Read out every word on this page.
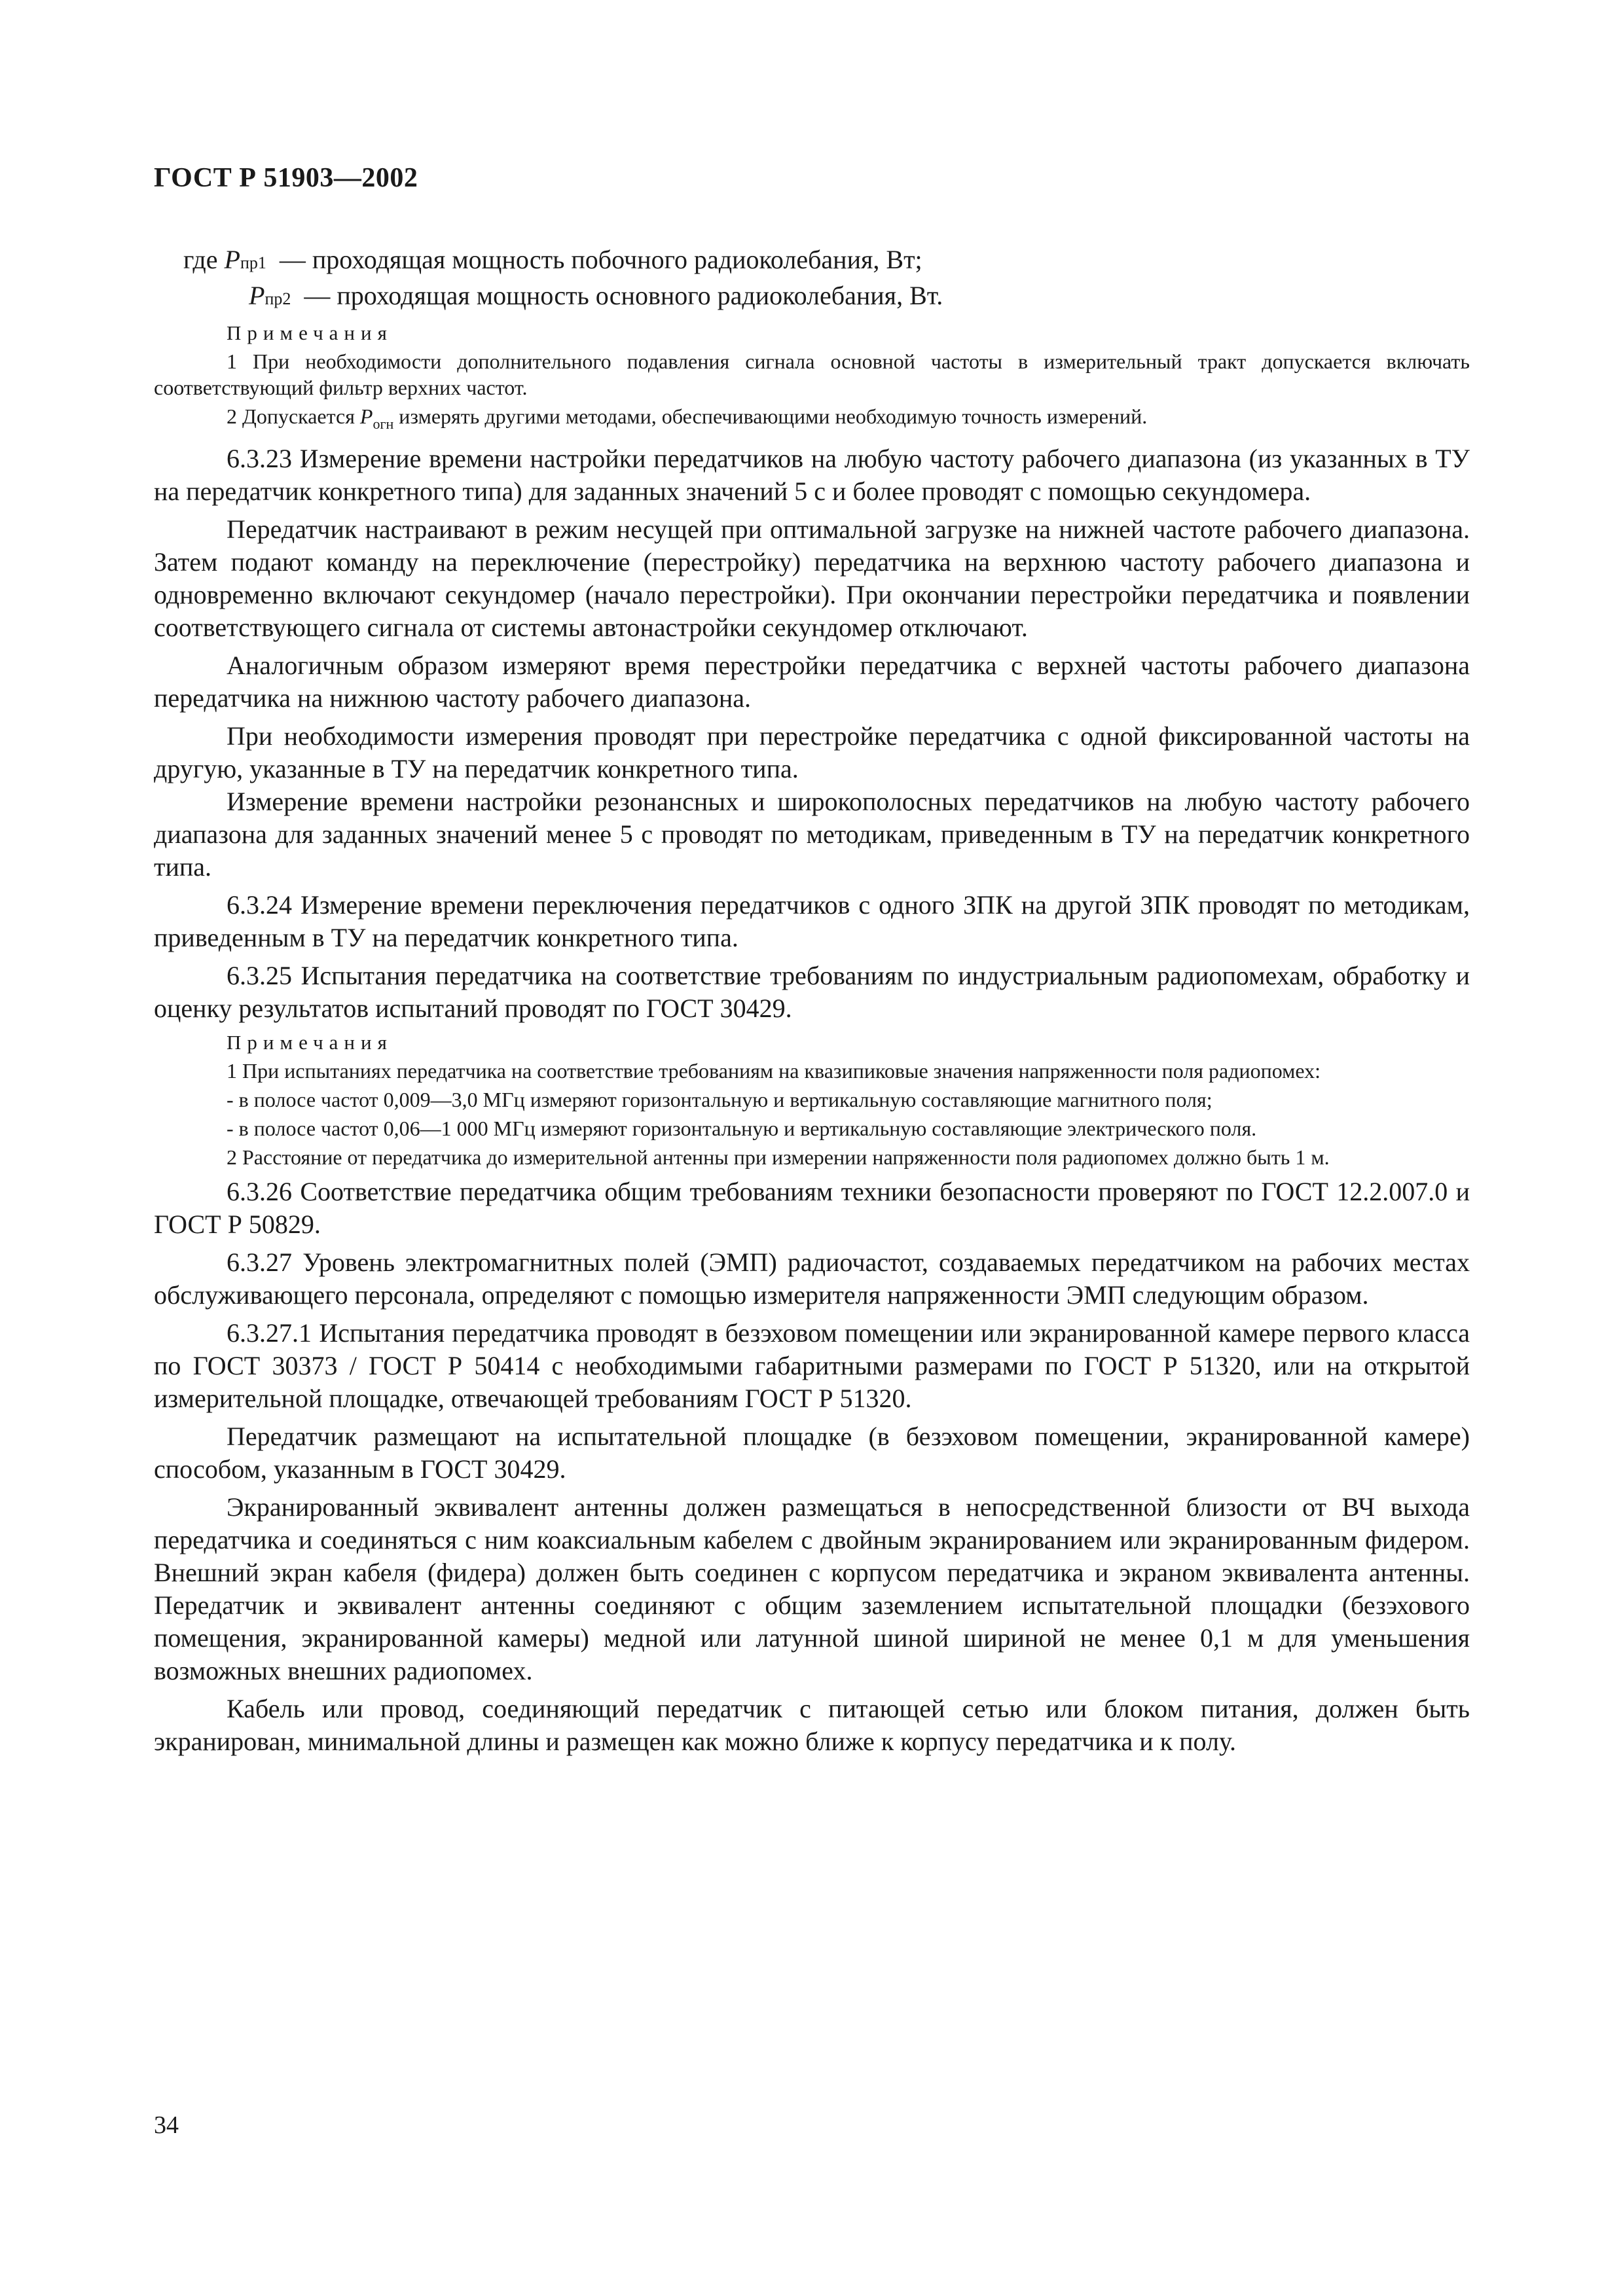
ГОСТ Р 51903—2002

где
P пр1 — проходящая мощность побочного радиоколебания, Вт;

P пр2 — проходящая мощность основного радиоколебания, Вт.

Примечания

1 При необходимости дополнительного подавления сигнала основной частоты в измерительный тракт допускается включать соответствующий фильтр верхних частот.

2 Допускается $P_{огн}$ измерять другими методами, обеспечивающими необходимую точность измерений.

6.3.23 Измерение времени настройки передатчиков на любую частоту рабочего диапазона (из указанных в ТУ на передатчик конкретного типа) для заданных значений 5 с и более проводят с помощью секундомера.

Передатчик настраивают в режим несущей при оптимальной загрузке на нижней частоте рабочего диапазона. Затем подают команду на переключение (перестройку) передатчика на верхнюю частоту рабочего диапазона и одновременно включают секундомер (начало перестройки). При окончании перестройки передатчика и появлении соответствующего сигнала от системы автонастройки секундомер отключают.

Аналогичным образом измеряют время перестройки передатчика с верхней частоты рабочего диапазона передатчика на нижнюю частоту рабочего диапазона.

При необходимости измерения проводят при перестройке передатчика с одной фиксированной частоты на другую, указанные в ТУ на передатчик конкретного типа.

Измерение времени настройки резонансных и широкополосных передатчиков на любую частоту рабочего диапазона для заданных значений менее 5 с проводят по методикам, приведенным в ТУ на передатчик конкретного типа.

6.3.24 Измерение времени переключения передатчиков с одного ЗПК на другой ЗПК проводят по методикам, приведенным в ТУ на передатчик конкретного типа.

6.3.25 Испытания передатчика на соответствие требованиям по индустриальным радиопомехам, обработку и оценку результатов испытаний проводят по ГОСТ 30429.

Примечания

1 При испытаниях передатчика на соответствие требованиям на квазипиковые значения напряженности поля радиопомех:

- в полосе частот 0,009—3,0 МГц измеряют горизонтальную и вертикальную составляющие магнитного поля;

- в полосе частот 0,06—1 000 МГц измеряют горизонтальную и вертикальную составляющие электрического поля.

2 Расстояние от передатчика до измерительной антенны при измерении напряженности поля радиопомех должно быть 1 м.

6.3.26 Соответствие передатчика общим требованиям техники безопасности проверяют по ГОСТ 12.2.007.0 и ГОСТ Р 50829.

6.3.27 Уровень электромагнитных полей (ЭМП) радиочастот, создаваемых передатчиком на рабочих местах обслуживающего персонала, определяют с помощью измерителя напряженности ЭМП следующим образом.

6.3.27.1 Испытания передатчика проводят в безэховом помещении или экранированной камере первого класса по ГОСТ 30373 / ГОСТ Р 50414 с необходимыми габаритными размерами по ГОСТ Р 51320, или на открытой измерительной площадке, отвечающей требованиям ГОСТ Р 51320.

Передатчик размещают на испытательной площадке (в безэховом помещении, экранированной камере) способом, указанным в ГОСТ 30429.

Экранированный эквивалент антенны должен размещаться в непосредственной близости от ВЧ выхода передатчика и соединяться с ним коаксиальным кабелем с двойным экранированием или экранированным фидером. Внешний экран кабеля (фидера) должен быть соединен с корпусом передатчика и экраном эквивалента антенны. Передатчик и эквивалент антенны соединяют с общим заземлением испытательной площадки (безэхового помещения, экранированной камеры) медной или латунной шиной шириной не менее 0,1 м для уменьшения возможных внешних радиопомех.

Кабель или провод, соединяющий передатчик с питающей сетью или блоком питания, должен быть экранирован, минимальной длины и размещен как можно ближе к корпусу передатчика и к полу.

34
